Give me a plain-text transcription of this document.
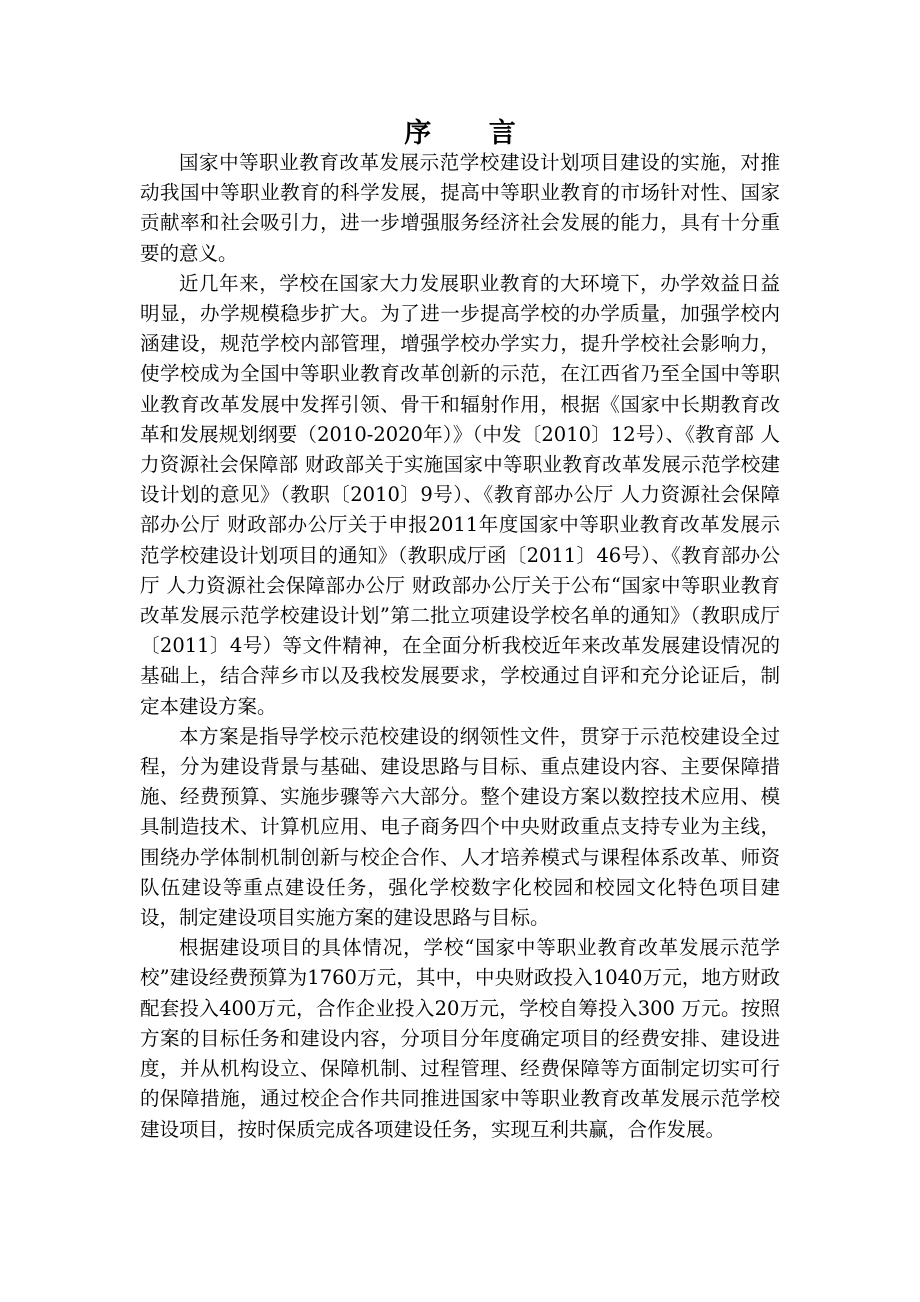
序 言

国家中等职业教育改革发展示范学校建设计划项目建设的实施，对推动我国中等职业教育的科学发展，提高中等职业教育的市场针对性、国家贡献率和社会吸引力，进一步增强服务经济社会发展的能力，具有十分重要的意义。

近几年来，学校在国家大力发展职业教育的大环境下，办学效益日益明显，办学规模稳步扩大。为了进一步提高学校的办学质量，加强学校内涵建设，规范学校内部管理，增强学校办学实力，提升学校社会影响力，使学校成为全国中等职业教育改革创新的示范，在江西省乃至全国中等职业教育改革发展中发挥引领、骨干和辐射作用，根据《国家中长期教育改革和发展规划纲要（2010-2020年）》（中发〔2010〕12号）、《教育部 人力资源社会保障部 财政部关于实施国家中等职业教育改革发展示范学校建设计划的意见》（教职〔2010〕9号）、《教育部办公厅 人力资源社会保障部办公厅 财政部办公厅关于申报2011年度国家中等职业教育改革发展示范学校建设计划项目的通知》（教职成厅函〔2011〕46号）、《教育部办公厅 人力资源社会保障部办公厅 财政部办公厅关于公布“国家中等职业教育改革发展示范学校建设计划”第二批立项建设学校名单的通知》（教职成厅〔2011〕4号）等文件精神，在全面分析我校近年来改革发展建设情况的基础上，结合萍乡市以及我校发展要求，学校通过自评和充分论证后，制定本建设方案。

本方案是指导学校示范校建设的纲领性文件，贯穿于示范校建设全过程，分为建设背景与基础、建设思路与目标、重点建设内容、主要保障措施、经费预算、实施步骤等六大部分。整个建设方案以数控技术应用、模具制造技术、计算机应用、电子商务四个中央财政重点支持专业为主线，围绕办学体制机制创新与校企合作、人才培养模式与课程体系改革、师资队伍建设等重点建设任务，强化学校数字化校园和校园文化特色项目建设，制定建设项目实施方案的建设思路与目标。

根据建设项目的具体情况，学校“国家中等职业教育改革发展示范学校”建设经费预算为1760万元，其中，中央财政投入1040万元，地方财政配套投入400万元，合作企业投入20万元，学校自筹投入300 万元。按照方案的目标任务和建设内容，分项目分年度确定项目的经费安排、建设进度，并从机构设立、保障机制、过程管理、经费保障等方面制定切实可行的保障措施，通过校企合作共同推进国家中等职业教育改革发展示范学校建设项目，按时保质完成各项建设任务，实现互利共赢，合作发展。
